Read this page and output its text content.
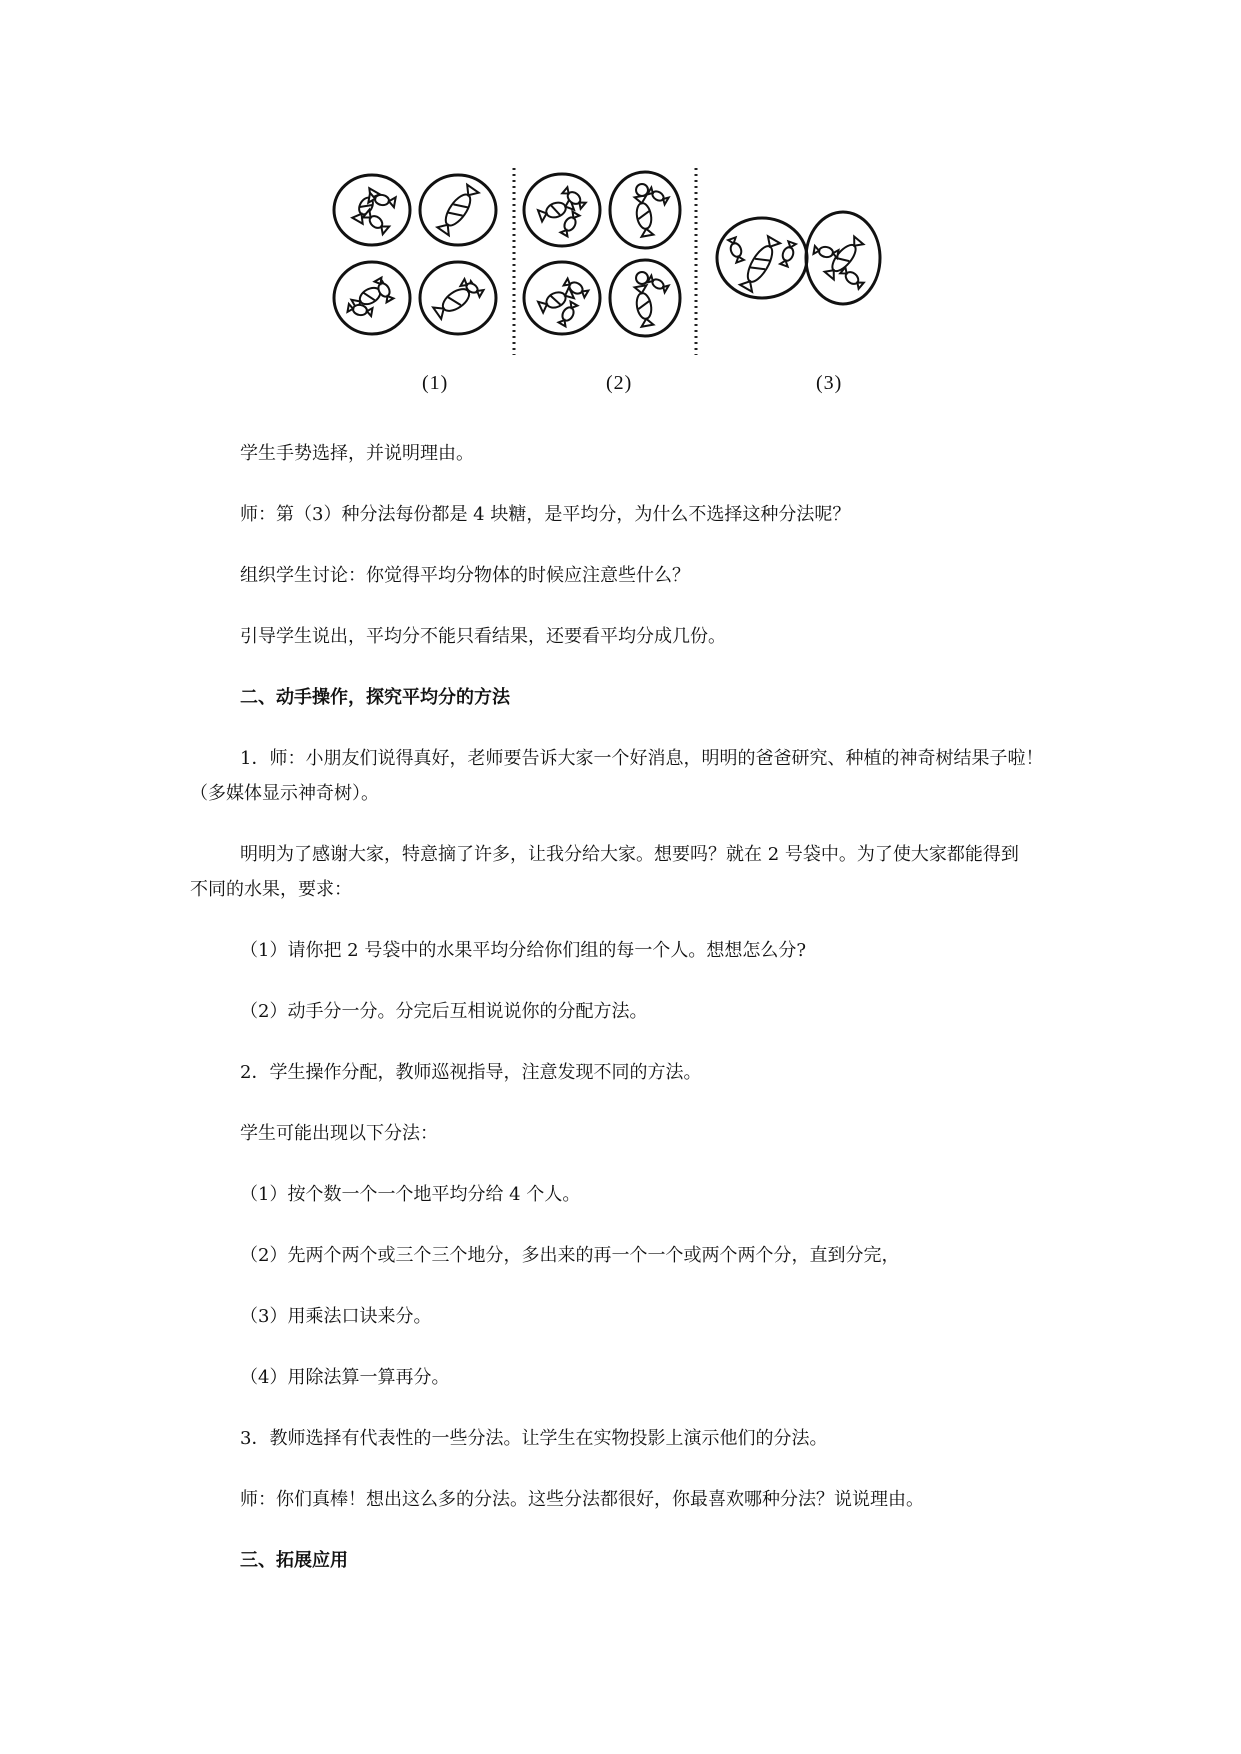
(1)	(2)	(3)

学生手势选择，并说明理由。

师：第（3）种分法每份都是 4 块糖，是平均分，为什么不选择这种分法呢？

组织学生讨论：你觉得平均分物体的时候应注意些什么？

引导学生说出，平均分不能只看结果，还要看平均分成几份。

二、动手操作，探究平均分的方法

1．师：小朋友们说得真好，老师要告诉大家一个好消息，明明的爸爸研究、种植的神奇树结果子啦！

（多媒体显示神奇树）。

明明为了感谢大家，特意摘了许多，让我分给大家。想要吗？就在 2 号袋中。为了使大家都能得到

不同的水果，要求：

（1）请你把 2 号袋中的水果平均分给你们组的每一个人。想想怎么分?

（2）动手分一分。分完后互相说说你的分配方法。

2．学生操作分配，教师巡视指导，注意发现不同的方法。

学生可能出现以下分法：

（1）按个数一个一个地平均分给 4 个人。

（2）先两个两个或三个三个地分，多出来的再一个一个或两个两个分，直到分完，

（3）用乘法口诀来分。

（4）用除法算一算再分。

3．教师选择有代表性的一些分法。让学生在实物投影上演示他们的分法。

师：你们真棒！想出这么多的分法。这些分法都很好，你最喜欢哪种分法？说说理由。

三、拓展应用
